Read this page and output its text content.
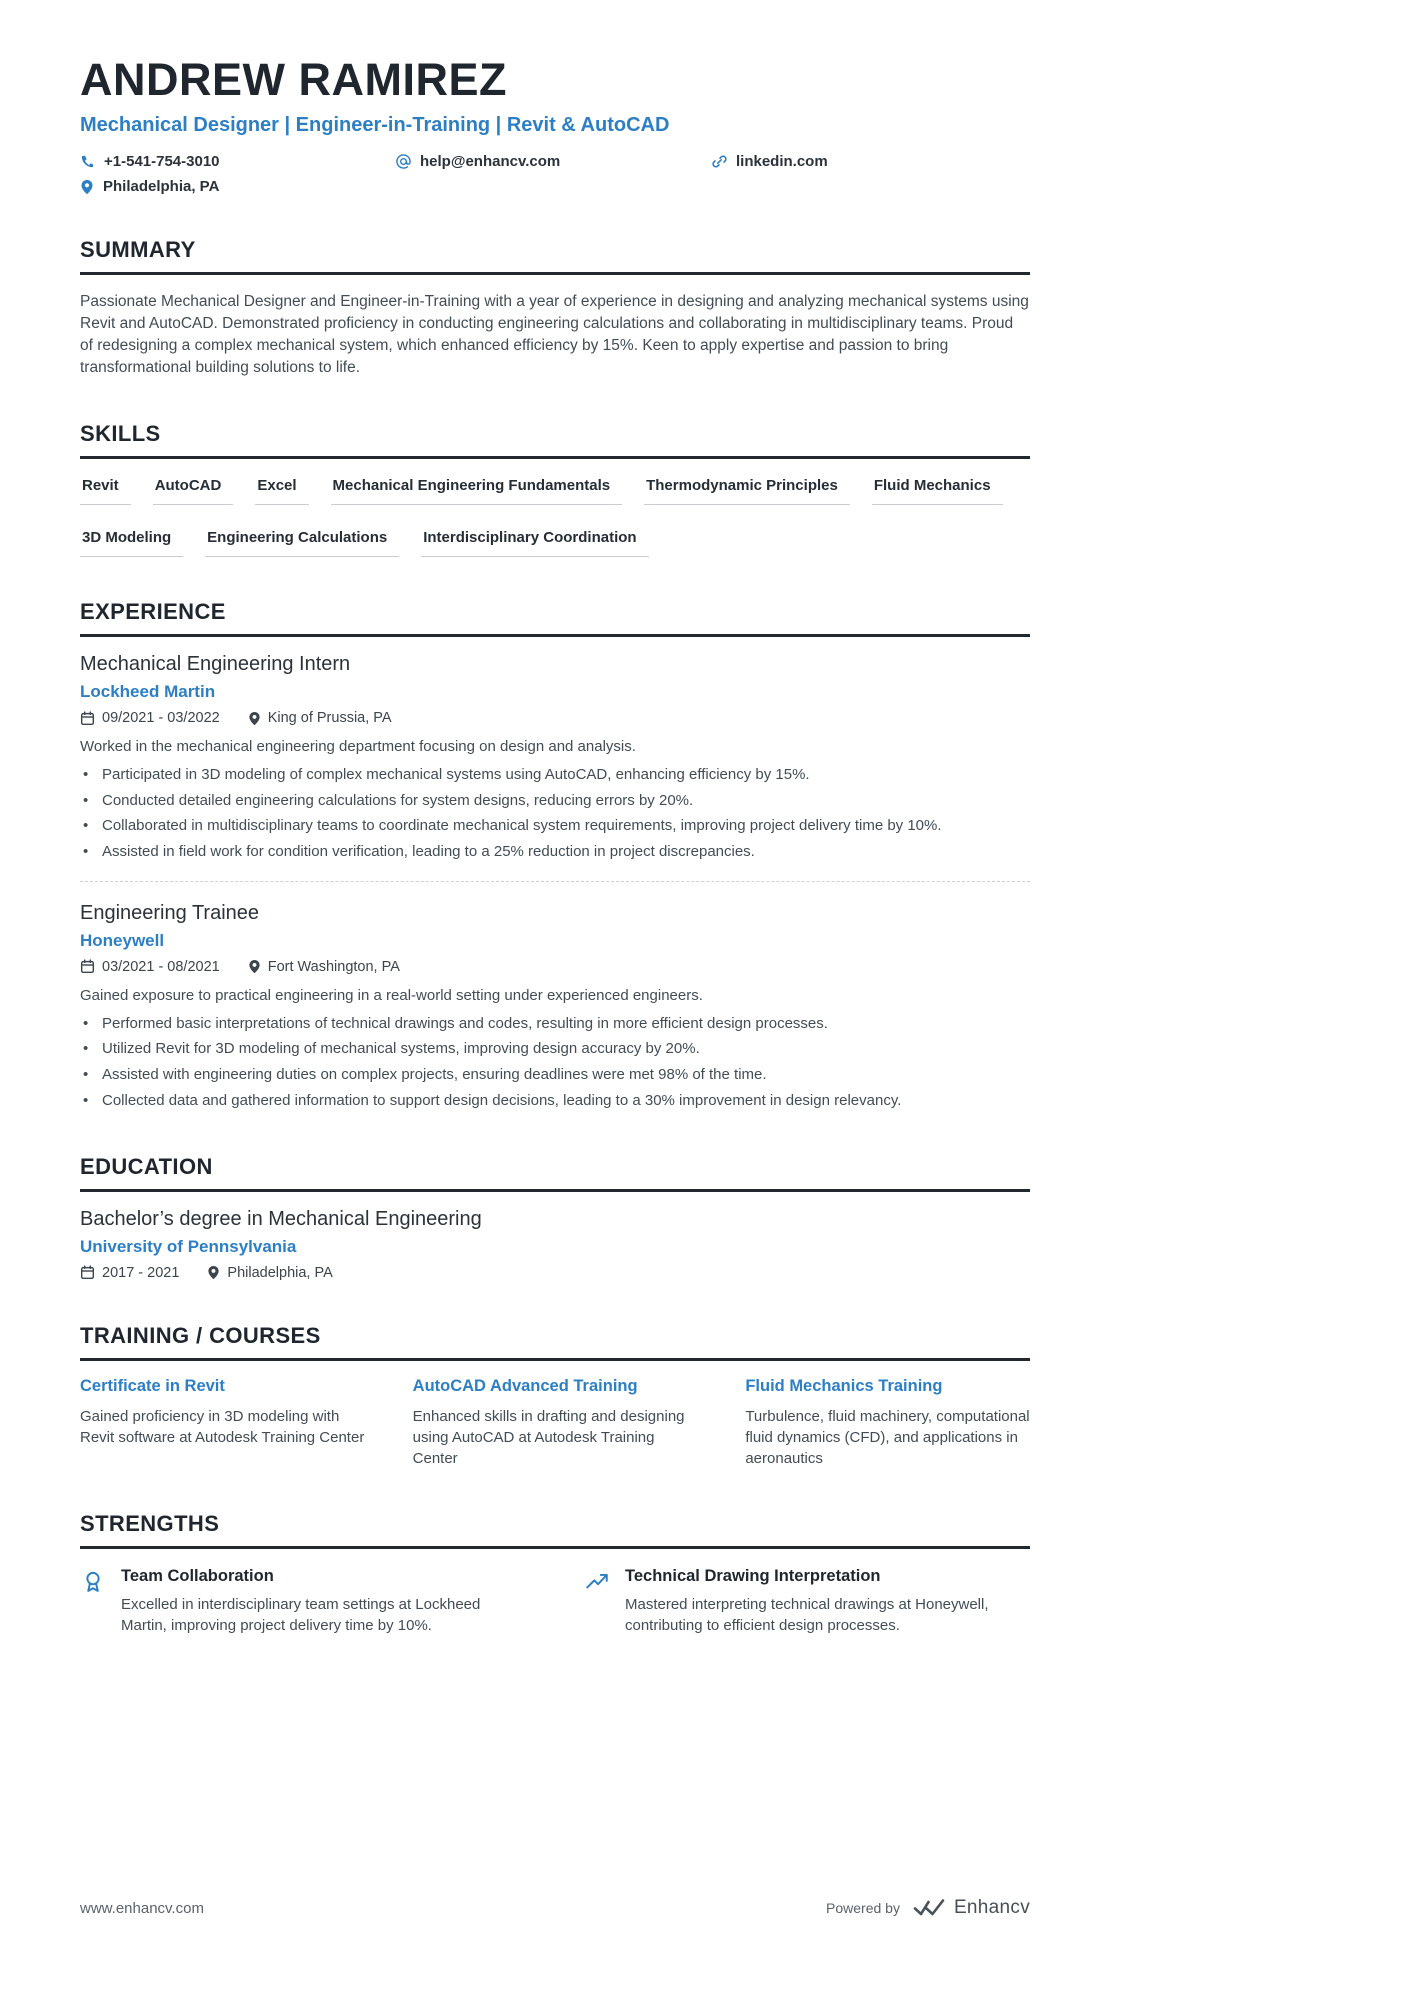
ANDREW RAMIREZ
Mechanical Designer | Engineer-in-Training | Revit & AutoCAD
+1-541-754-3010	help@enhancv.com	linkedin.com
Philadelphia, PA
SUMMARY

Passionate Mechanical Designer and Engineer-in-Training with a year of experience in designing and analyzing mechanical systems using Revit and AutoCAD. Demonstrated proficiency in conducting engineering calculations and collaborating in multidisciplinary teams. Proud of redesigning a complex mechanical system, which enhanced efficiency by 15%. Keen to apply expertise and passion to bring transformational building solutions to life.

SKILLS
Revit	AutoCAD	Excel	Mechanical Engineering Fundamentals	Thermodynamic Principles	Fluid Mechanics
3D Modeling	Engineering Calculations	Interdisciplinary Coordination
EXPERIENCE
Mechanical Engineering Intern
Lockheed Martin
09/2021 - 03/2022	King of Prussia, PA

Worked in the mechanical engineering department focusing on design and analysis.

• Participated in 3D modeling of complex mechanical systems using AutoCAD, enhancing efficiency by 15%.
• Conducted detailed engineering calculations for system designs, reducing errors by 20%.
• Collaborated in multidisciplinary teams to coordinate mechanical system requirements, improving project delivery time by 10%.
• Assisted in field work for condition verification, leading to a 25% reduction in project discrepancies.
Engineering Trainee
Honeywell
03/2021 - 08/2021	Fort Washington, PA

Gained exposure to practical engineering in a real-world setting under experienced engineers.

• Performed basic interpretations of technical drawings and codes, resulting in more efficient design processes.
• Utilized Revit for 3D modeling of mechanical systems, improving design accuracy by 20%.
• Assisted with engineering duties on complex projects, ensuring deadlines were met 98% of the time.
• Collected data and gathered information to support design decisions, leading to a 30% improvement in design relevancy.
EDUCATION
Bachelor’s degree in Mechanical Engineering
University of Pennsylvania
2017 - 2021	Philadelphia, PA
TRAINING / COURSES
Certificate in Revit

Gained proficiency in 3D modeling with Revit software at Autodesk Training Center

AutoCAD Advanced Training

Enhanced skills in drafting and designing using AutoCAD at Autodesk Training Center

Fluid Mechanics Training

Turbulence, fluid machinery, computational fluid dynamics (CFD), and applications in aeronautics

STRENGTHS
Team Collaboration

Excelled in interdisciplinary team settings at Lockheed Martin, improving project delivery time by 10%.

Technical Drawing Interpretation

Mastered interpreting technical drawings at Honeywell, contributing to efficient design processes.

www.enhancv.com	Powered by	Enhancv
